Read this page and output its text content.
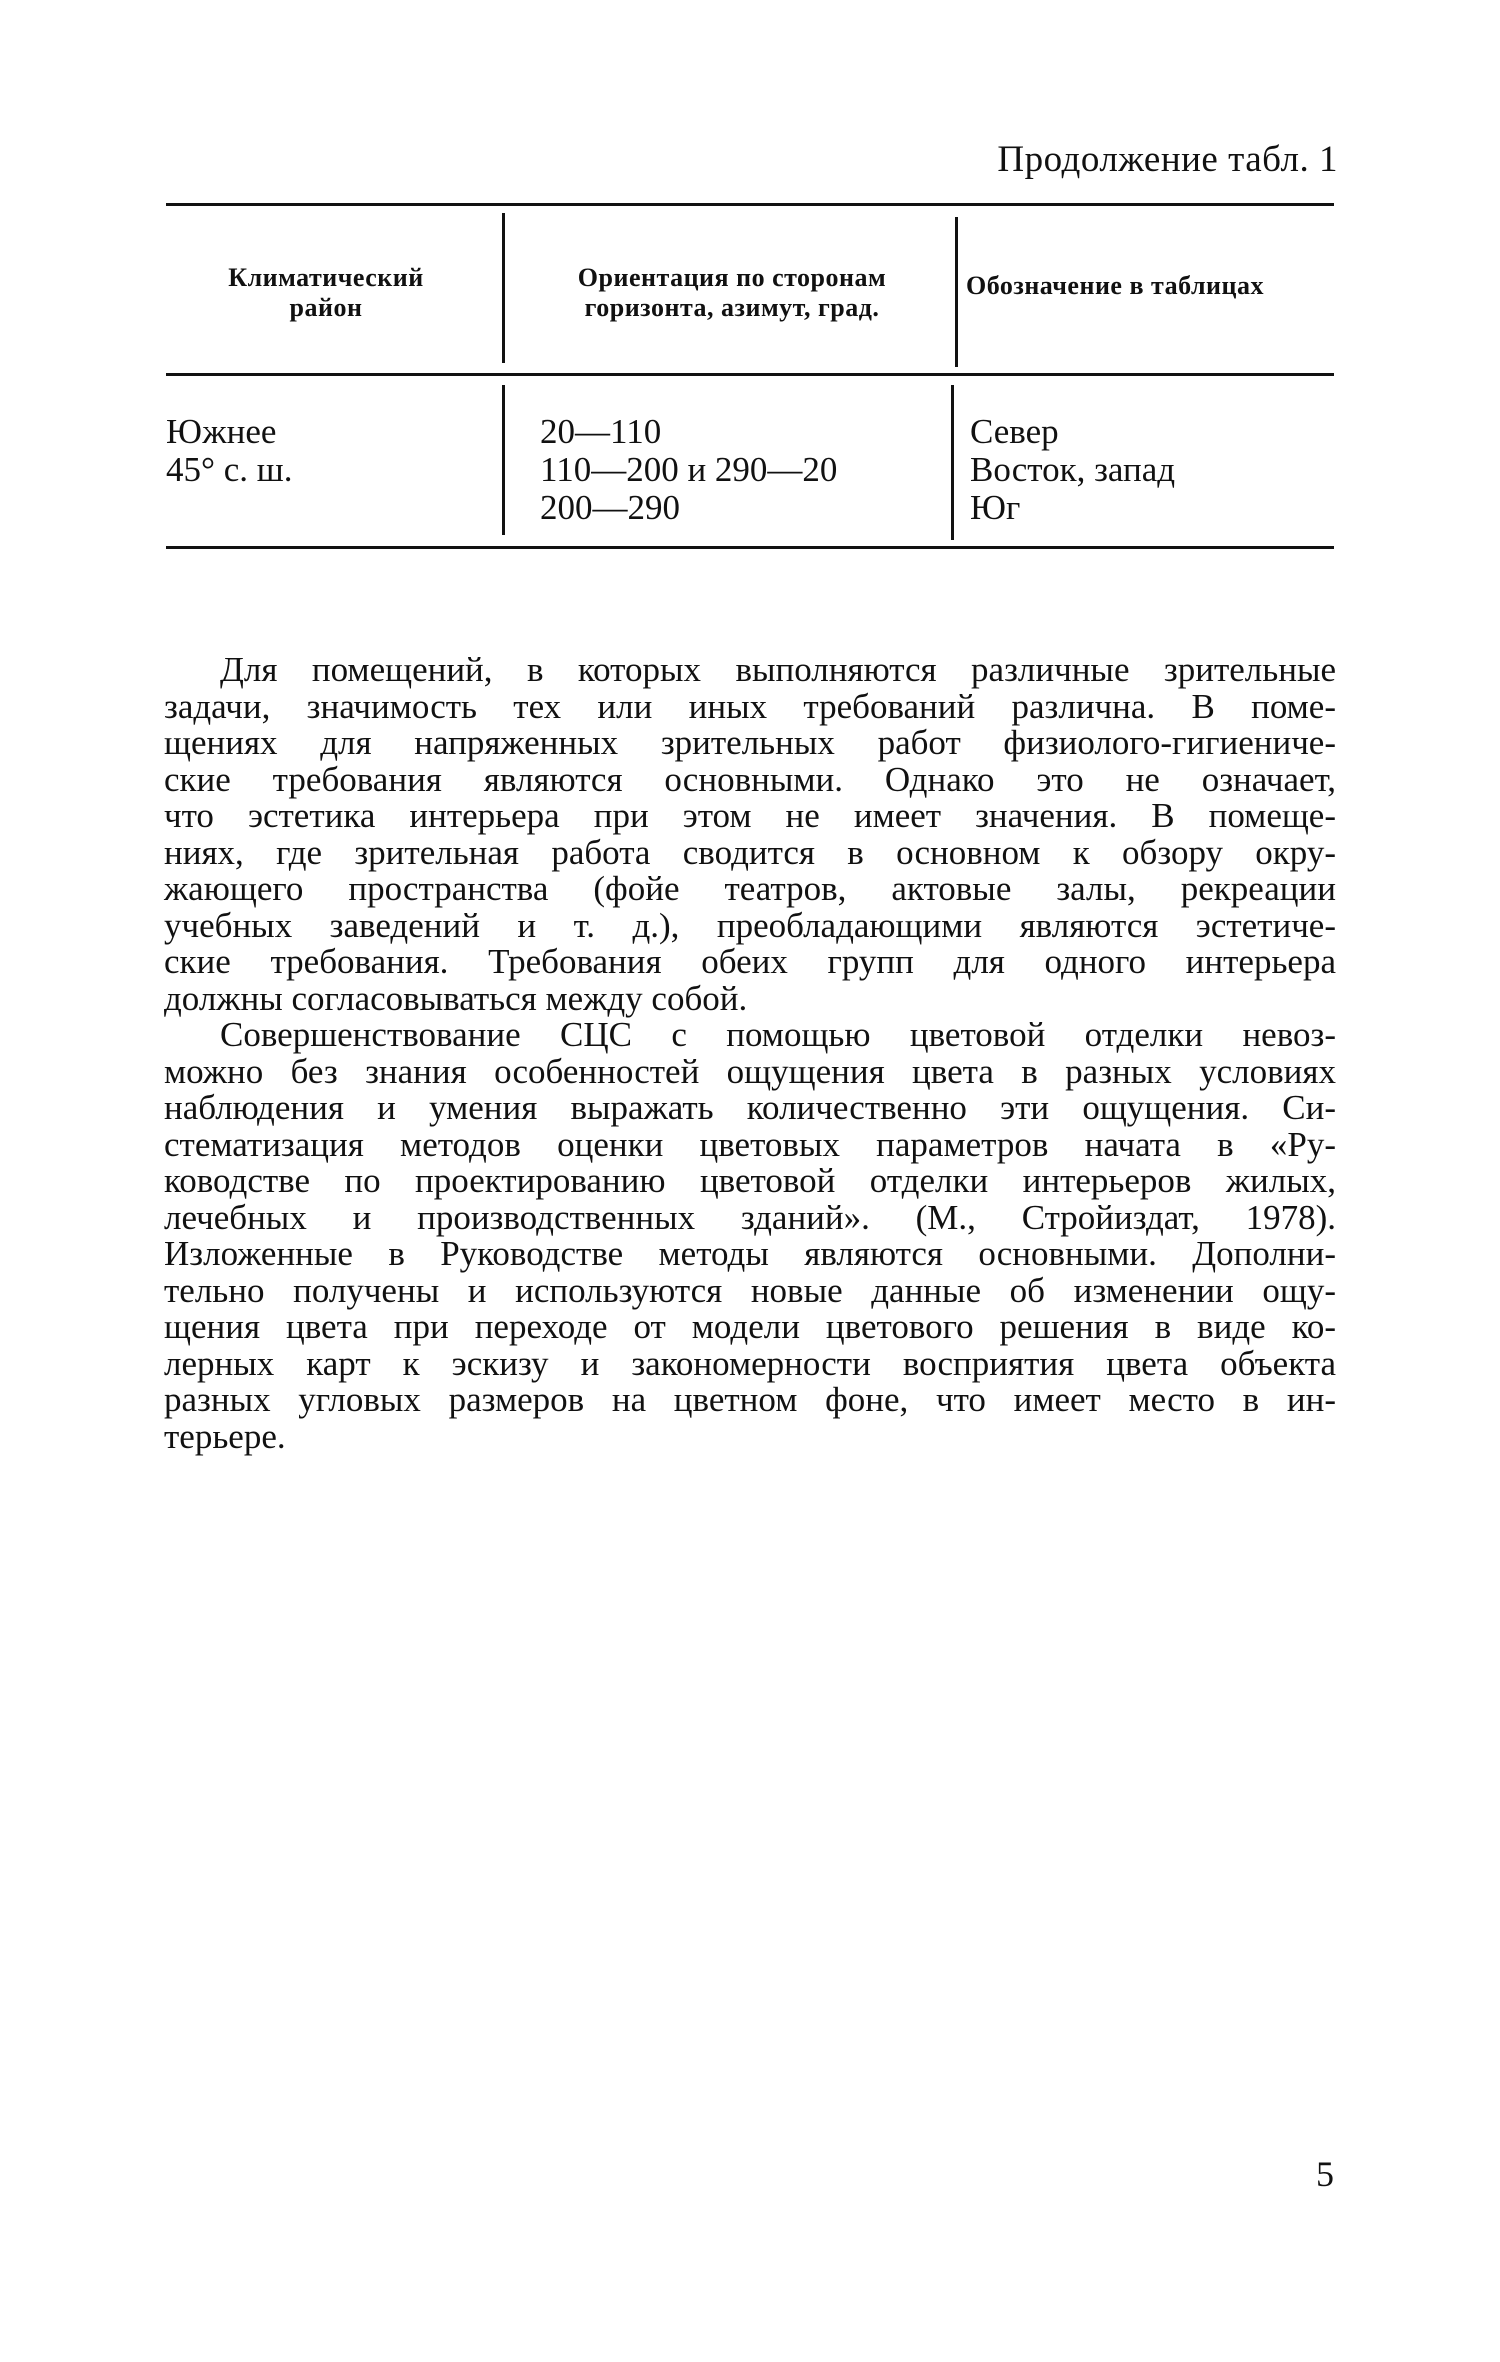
Продолжение табл. 1
Климатический
район
Ориентация по сторонам
горизонта, азимут, град.
Обозначение в таблицах
Южнее
45° с. ш.
20—110
110—200 и 290—20
200—290
Север
Восток, запад
Юг

Для помещений, в которых выполняются различные зрительные
задачи, значимость тех или иных требований различна. В поме-
щениях для напряженных зрительных работ физиолого-гигиениче-
ские требования являются основными. Однако это не означает,
что эстетика интерьера при этом не имеет значения. В помеще-
ниях, где зрительная работа сводится в основном к обзору окру-
жающего пространства (фойе театров, актовые залы, рекреации
учебных заведений и т. д.), преобладающими являются эстетиче-
ские требования. Требования обеих групп для одного интерьера
должны согласовываться между собой.

Совершенствование СЦС с помощью цветовой отделки невоз-
можно без знания особенностей ощущения цвета в разных условиях
наблюдения и умения выражать количественно эти ощущения. Си-
стематизация методов оценки цветовых параметров начата в «Ру-
ководстве по проектированию цветовой отделки интерьеров жилых,
лечебных и производственных зданий». (М., Стройиздат, 1978).
Изложенные в Руководстве методы являются основными. Дополни-
тельно получены и используются новые данные об изменении ощу-
щения цвета при переходе от модели цветового решения в виде ко-
лерных карт к эскизу и закономерности восприятия цвета объекта
разных угловых размеров на цветном фоне, что имеет место в ин-
терьере.

5
